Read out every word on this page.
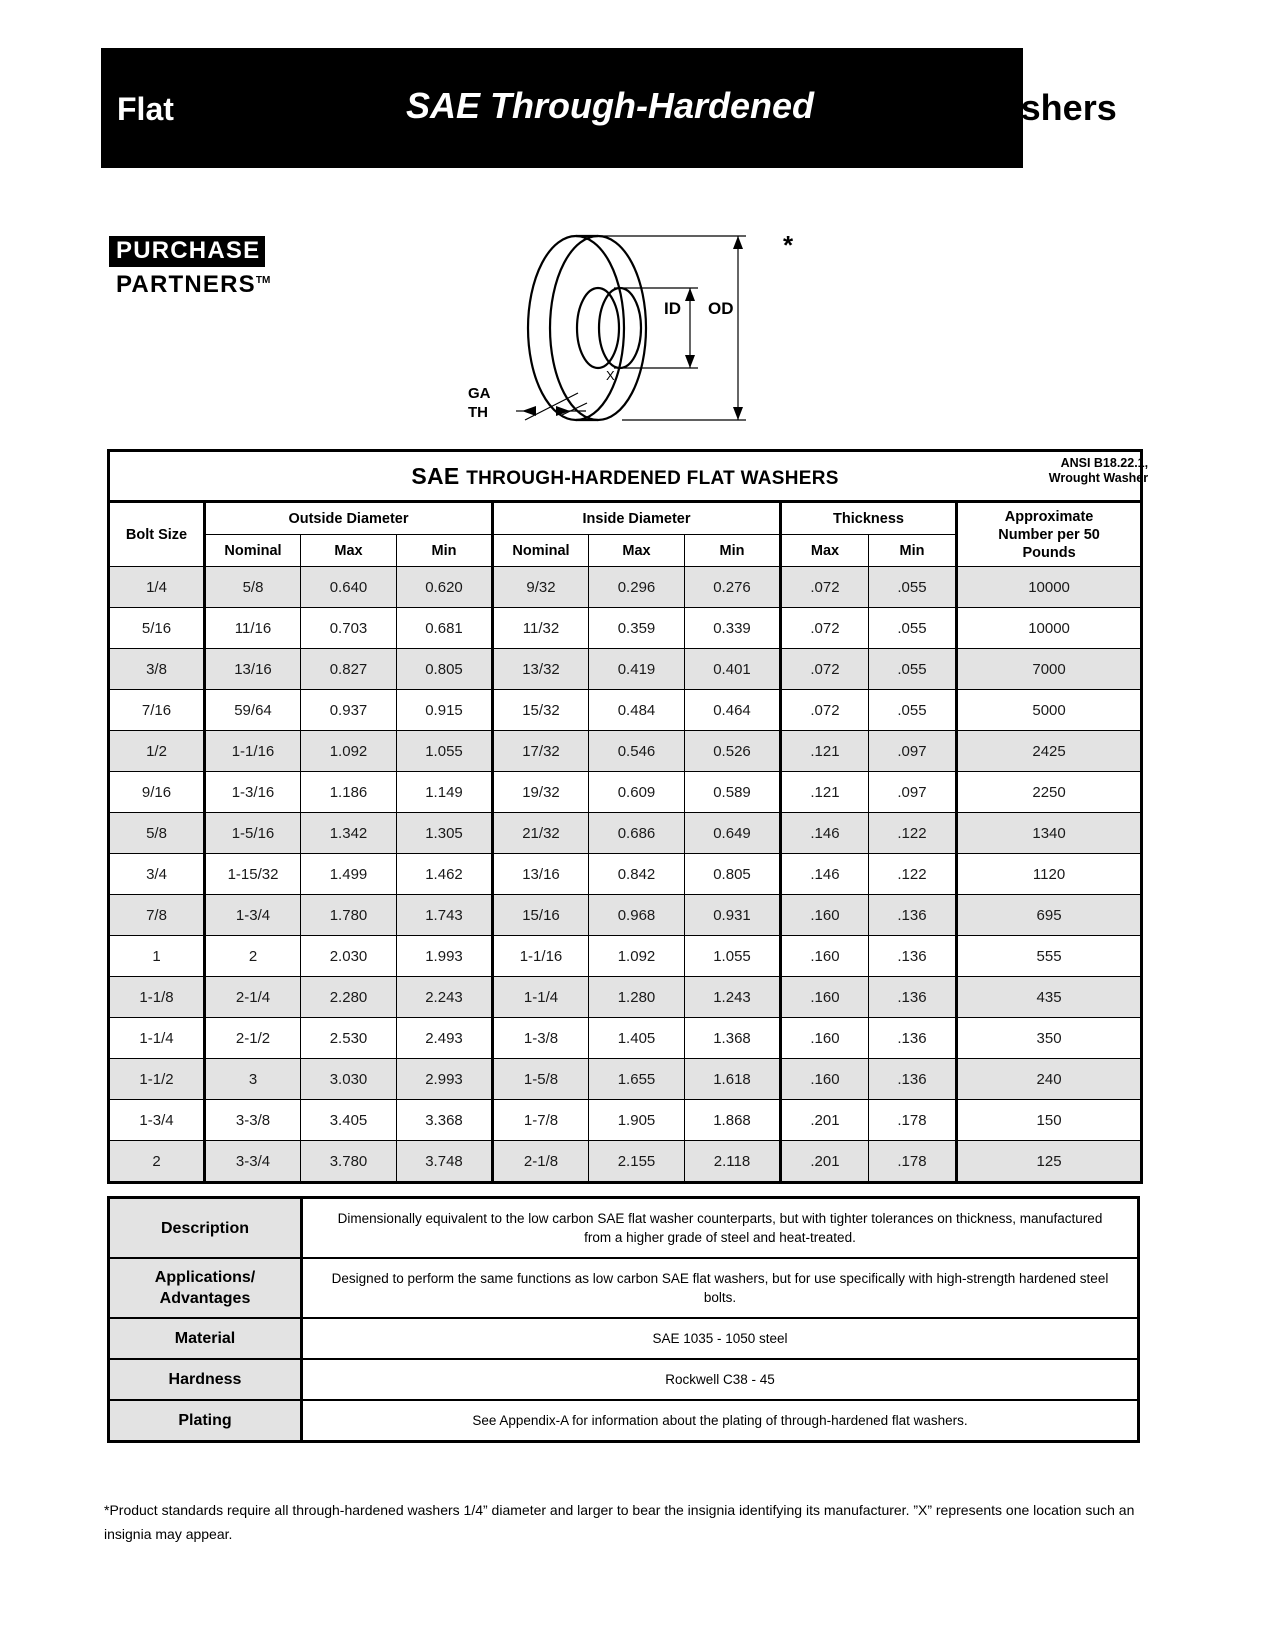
Flat	SAE Through-Hardened	Washers
PURCHASE PARTNERS™
ID OD
X
GA
TH
*
SAE THROUGH-HARDENED FLAT WASHERS
ANSI B18.22.1,
Wrought Washer									

Bolt Size	Outside Diameter			Inside Diameter			Thickness		Approximate
Number per 50
Pounds

	Nominal	Max	Min	Nominal	Max	Min	Max	Min	
1/4	5/8	0.640	0.620	9/32	0.296	0.276	.072	.055	10000
5/16	11/16	0.703	0.681	11/32	0.359	0.339	.072	.055	10000
3/8	13/16	0.827	0.805	13/32	0.419	0.401	.072	.055	7000
7/16	59/64	0.937	0.915	15/32	0.484	0.464	.072	.055	5000
1/2	1-1/16	1.092	1.055	17/32	0.546	0.526	.121	.097	2425
9/16	1-3/16	1.186	1.149	19/32	0.609	0.589	.121	.097	2250
5/8	1-5/16	1.342	1.305	21/32	0.686	0.649	.146	.122	1340
3/4	1-15/32	1.499	1.462	13/16	0.842	0.805	.146	.122	1120
7/8	1-3/4	1.780	1.743	15/16	0.968	0.931	.160	.136	695
1	2	2.030	1.993	1-1/16	1.092	1.055	.160	.136	555
1-1/8	2-1/4	2.280	2.243	1-1/4	1.280	1.243	.160	.136	435
1-1/4	2-1/2	2.530	2.493	1-3/8	1.405	1.368	.160	.136	350
1-1/2	3	3.030	2.993	1-5/8	1.655	1.618	.160	.136	240
1-3/4	3-3/8	3.405	3.368	1-7/8	1.905	1.868	.201	.178	150
2	3-3/4	3.780	3.748	2-1/8	2.155	2.118	.201	.178	125
Description	Dimensionally equivalent to the low carbon SAE flat washer counterparts, but with tighter tolerances on thickness, manufactured from a higher grade of steel and heat-treated.

Applications/
Advantages	Designed to perform the same functions as low carbon SAE flat washers, but for use specifically with high-strength hardened steel bolts.

Material	SAE 1035 - 1050 steel

Hardness	Rockwell C38 - 45

Plating	See Appendix-A for information about the plating of through-hardened flat washers.
*Product standards require all through-hardened washers 1/4” diameter and larger to bear the insignia identifying its manufacturer. ”X” represents one location such an insignia may appear.
